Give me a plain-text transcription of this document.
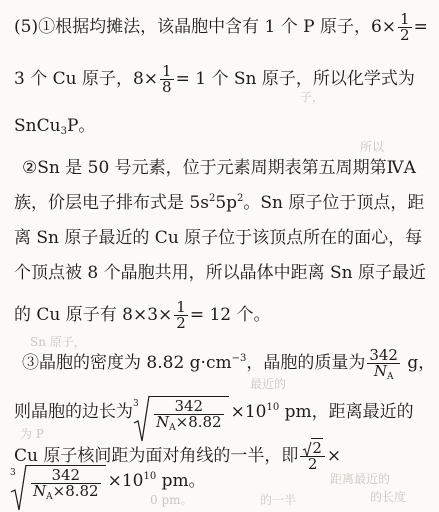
(5)①根据均摊法，该晶胞中含有 1 个 P 原子，$6\times \frac{1}{2}$ =
3 个 Cu 原子，$8\times \frac{1}{8} = 1$ 个 Sn 原子，所以化学式为
SnCu$_3$P。
②Sn 是 50 号元素，位于元素周期表第五周期第ⅣA
族，价层电子排布式是 $5s^25p^2$。Sn 原子位于顶点，距
离 Sn 原子最近的 Cu 原子位于该顶点所在的面心，每
个顶点被 8 个晶胞共用，所以晶体中距离 Sn 原子最近
的 Cu 原子有 $8\times 3\times \frac{1}{2} = 12$ 个。
③晶胞的密度为 8.82 $g\cdot cm^{-3}$，晶胞的质量为 $\frac{342}{N_A}$ g，
则晶胞的边长为 $3 \frac{342}{N_A\times 8.82} \times 10^{10}$ pm，距离最近的
Cu 原子核间距为面对角线的一半，即 $\frac{2}{2}$ ×
$3 \frac{342}{N_A\times 8.82} \times 10^{10}$ pm。
子，
所以
Sn 原子，
最近的
为 P
距离最近的
的长度
的一半
0 pm。
